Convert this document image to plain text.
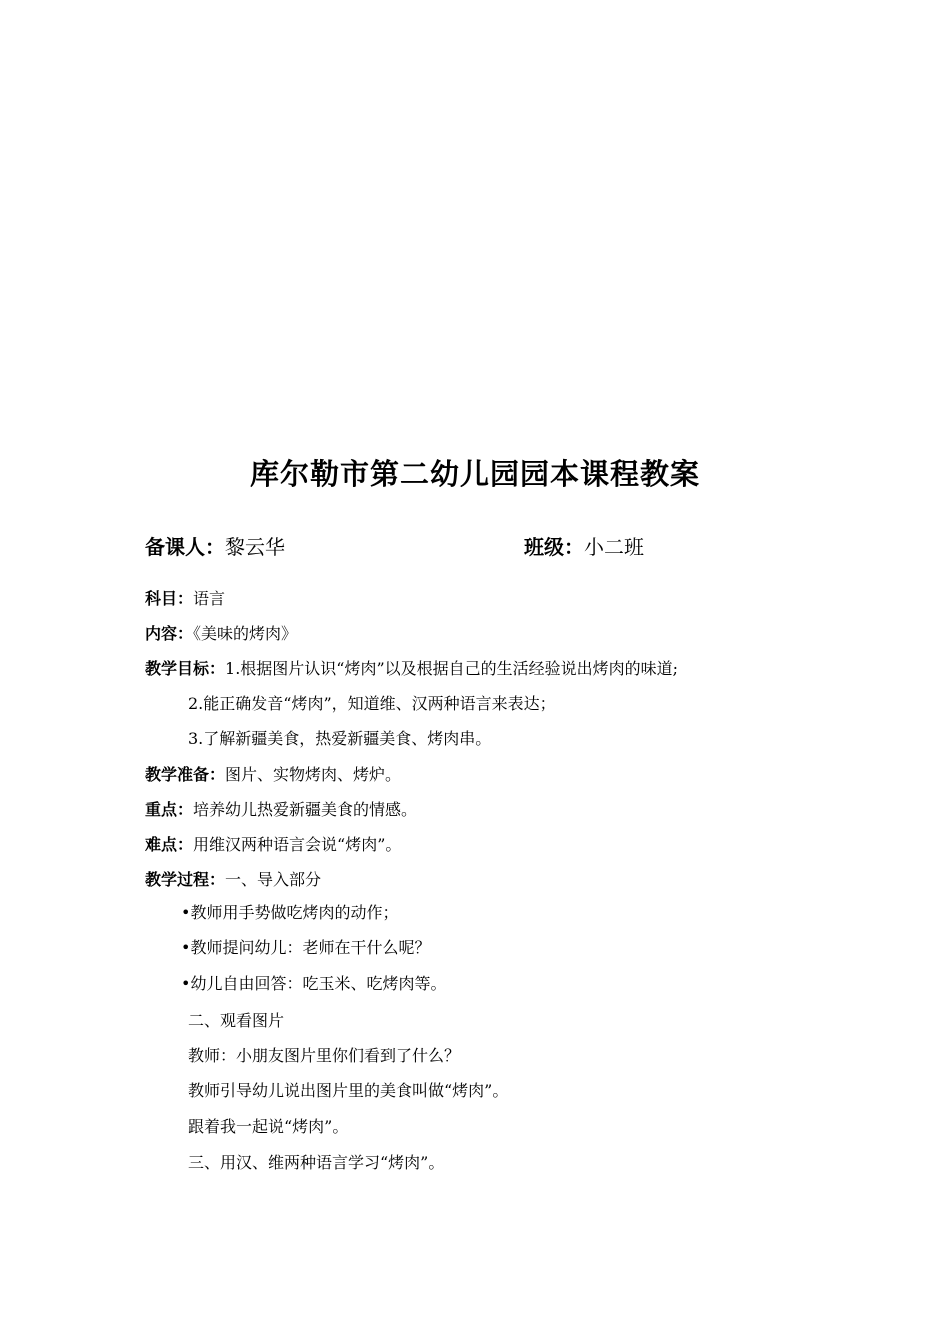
库尔勒市第二幼儿园园本课程教案
备课人：黎云华	班级：小二班
科目：语言
内容：《美味的烤肉》
教学目标：1.根据图片认识“烤肉”以及根据自己的生活经验说出烤肉的味道;
2.能正确发音“烤肉”，知道维、汉两种语言来表达；
3.了解新疆美食，热爱新疆美食、烤肉串。
教学准备：图片、实物烤肉、烤炉。
重点：培养幼儿热爱新疆美食的情感。
难点：用维汉两种语言会说“烤肉”。
教学过程：一、导入部分
•教师用手势做吃烤肉的动作；
•教师提问幼儿：老师在干什么呢？
•幼儿自由回答：吃玉米、吃烤肉等。
二、观看图片
教师：小朋友图片里你们看到了什么？
教师引导幼儿说出图片里的美食叫做“烤肉”。
跟着我一起说“烤肉”。
三、用汉、维两种语言学习“烤肉”。
